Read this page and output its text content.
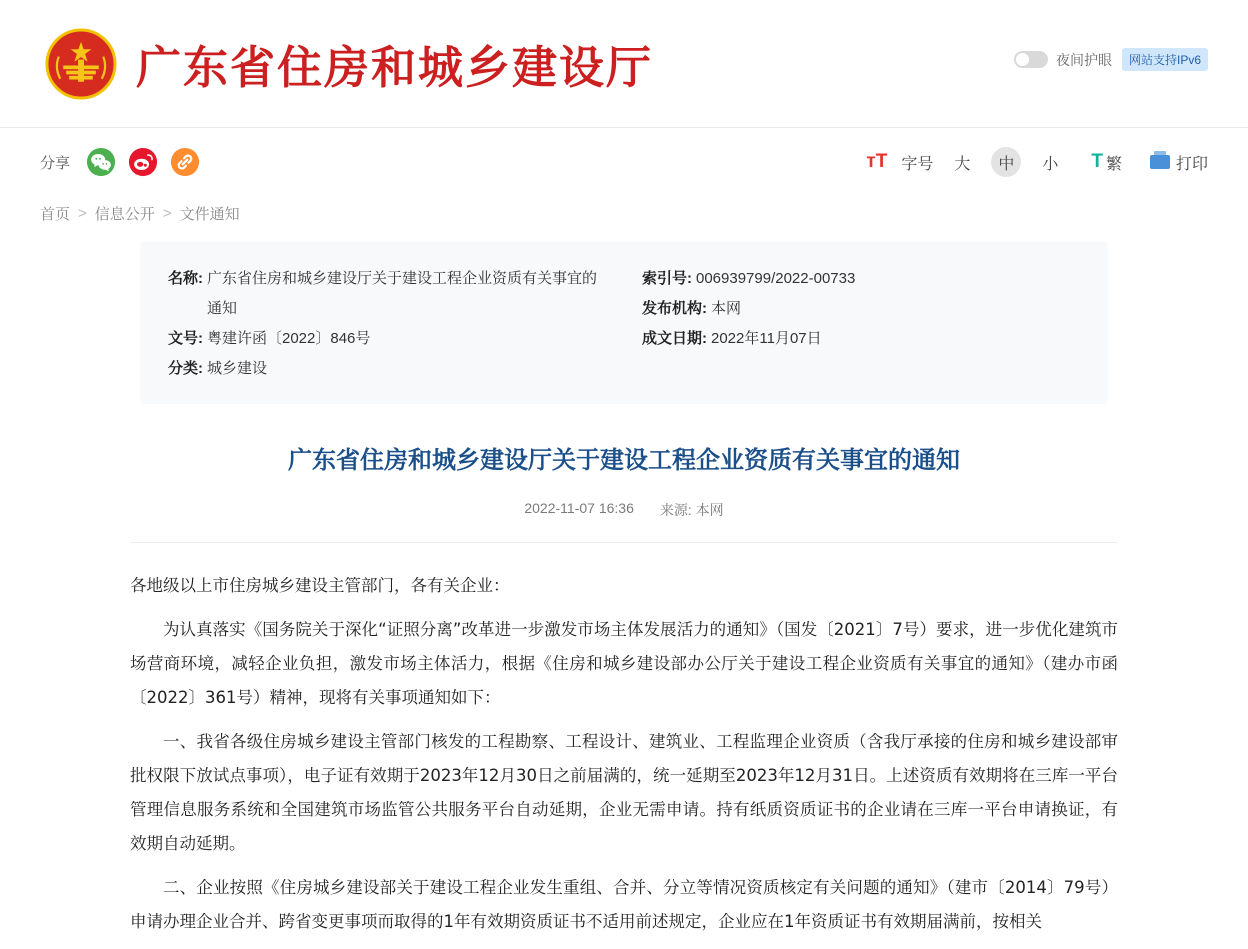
广东省住房和城乡建设厅	夜间护眼	网站支持IPv6
分享	тT 字号	大	中	小	T 繁	打印
首页 > 信息公开 > 文件通知
名称: 广东省住房和城乡建设厅关于建设工程企业资质有关事宜的通知
文号: 粤建许函〔2022〕846号
分类: 城乡建设
索引号: 006939799/2022-00733
发布机构: 本网
成文日期: 2022年11月07日
广东省住房和城乡建设厅关于建设工程企业资质有关事宜的通知
2022-11-07 16:36 来源: 本网

各地级以上市住房城乡建设主管部门，各有关企业：

为认真落实《国务院关于深化“证照分离”改革进一步激发市场主体发展活力的通知》（国发〔2021〕7号）要求，进一步优化建筑市场营商环境，减轻企业负担，激发市场主体活力，根据《住房和城乡建设部办公厅关于建设工程企业资质有关事宜的通知》（建办市函〔2022〕361号）精神，现将有关事项通知如下：

一、我省各级住房城乡建设主管部门核发的工程勘察、工程设计、建筑业、工程监理企业资质（含我厅承接的住房和城乡建设部审批权限下放试点事项），电子证有效期于2023年12月30日之前届满的，统一延期至2023年12月31日。上述资质有效期将在三库一平台管理信息服务系统和全国建筑市场监管公共服务平台自动延期，企业无需申请。持有纸质资质证书的企业请在三库一平台申请换证，有效期自动延期。

二、企业按照《住房城乡建设部关于建设工程企业发生重组、合并、分立等情况资质核定有关问题的通知》（建市〔2014〕79号）申请办理企业合并、跨省变更事项而取得的1年有效期资质证书不适用前述规定，企业应在1年资质证书有效期届满前，按相关
